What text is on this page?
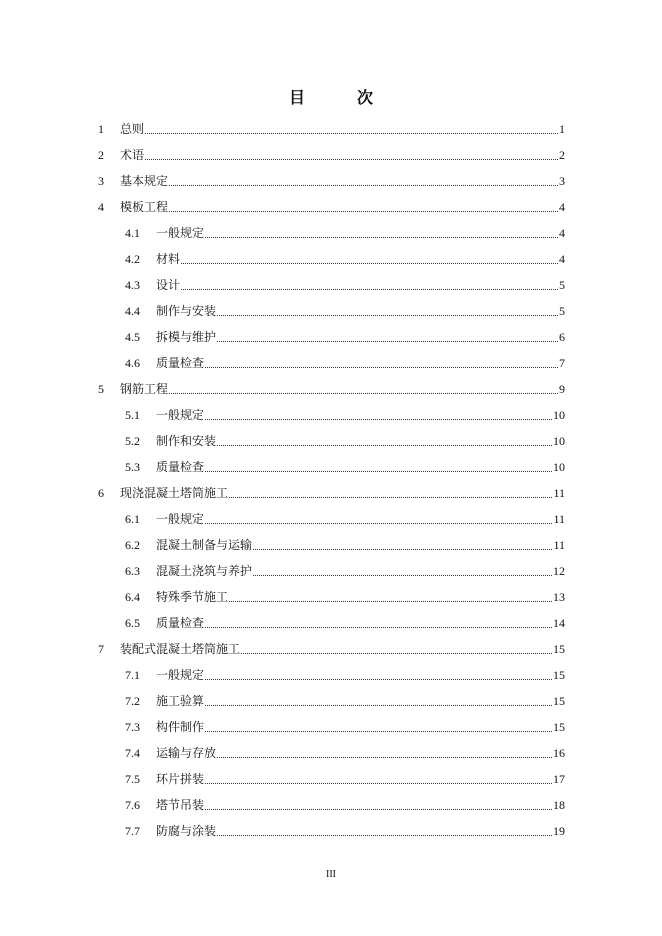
目　次
1	总则	1
2	术语	2
3	基本规定	3
4	模板工程	4
4.1	一般规定	4
4.2	材料	4
4.3	设计	5
4.4	制作与安装	5
4.5	拆模与维护	6
4.6	质量检查	7
5	钢筋工程	9
5.1	一般规定	10
5.2	制作和安装	10
5.3	质量检查	10
6	现浇混凝土塔筒施工	11
6.1	一般规定	11
6.2	混凝土制备与运输	11
6.3	混凝土浇筑与养护	12
6.4	特殊季节施工	13
6.5	质量检查	14
7	装配式混凝土塔筒施工	15
7.1	一般规定	15
7.2	施工验算	15
7.3	构件制作	15
7.4	运输与存放	16
7.5	环片拼装	17
7.6	塔节吊装	18
7.7	防腐与涂装	19
III
